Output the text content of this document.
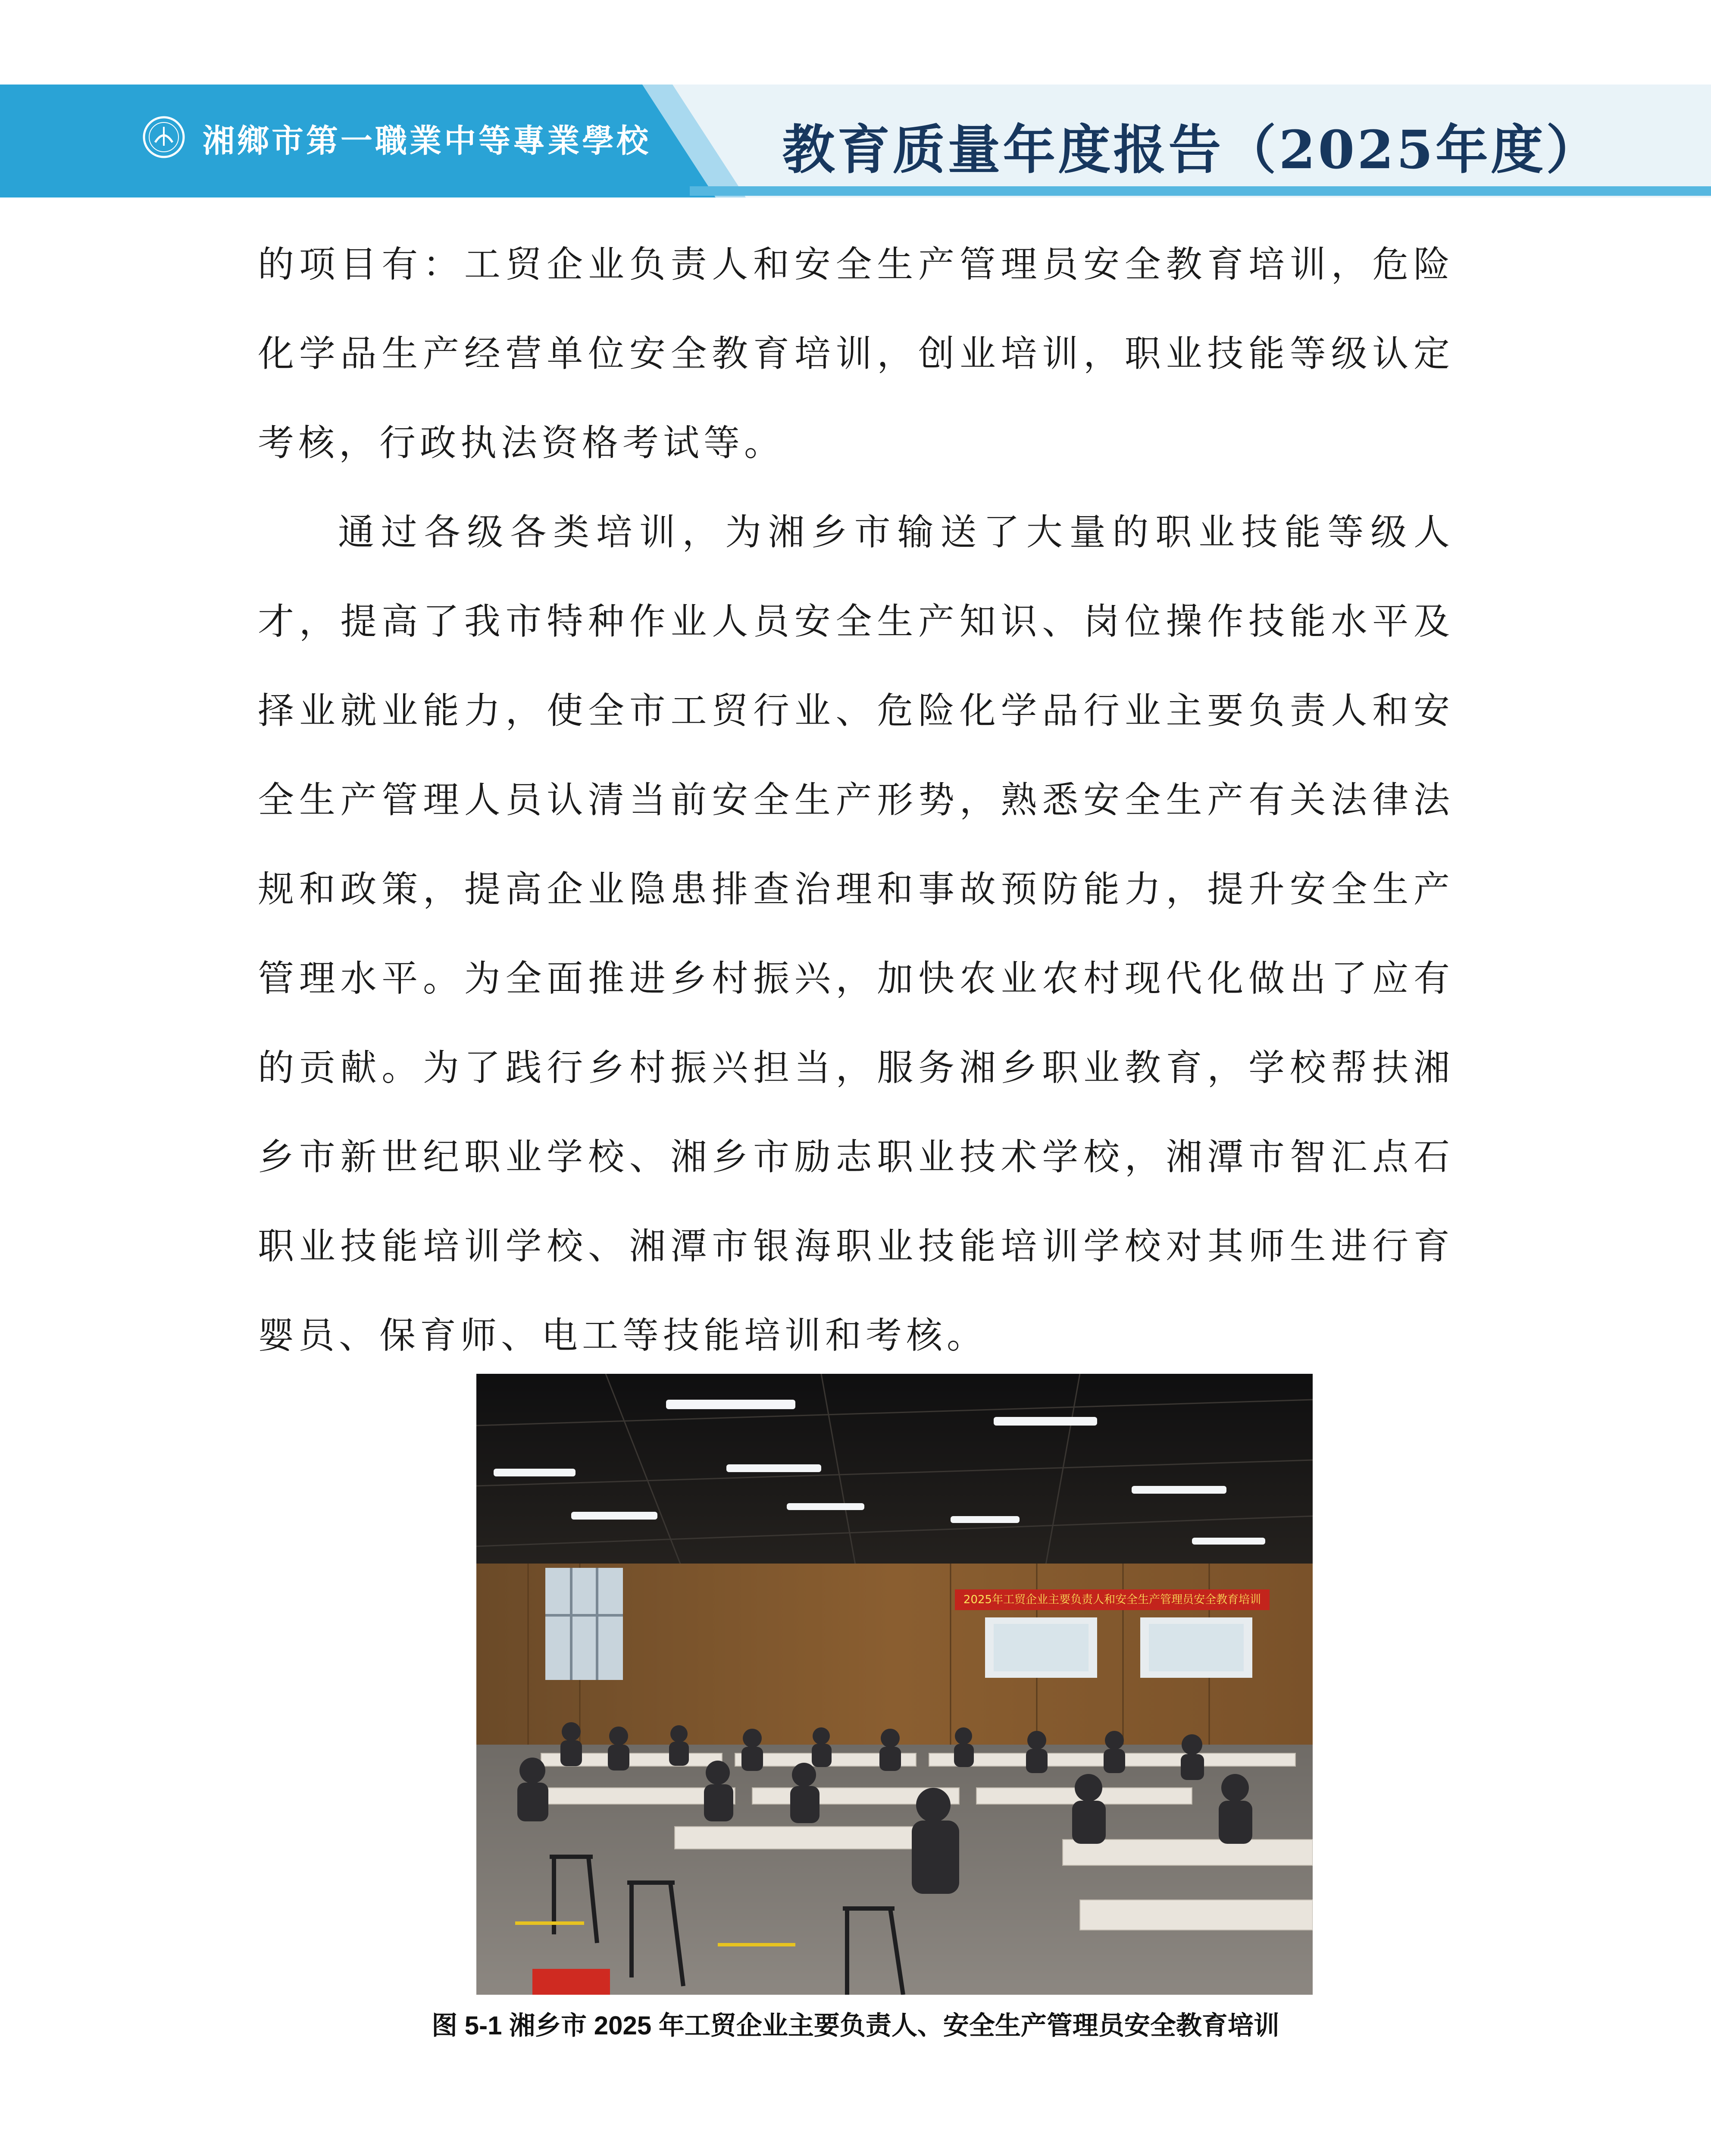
湘鄉市第一職業中等專業學校 教育质量年度报告（2025年度）

的项目有：工贸企业负责人和安全生产管理员安全教育培训，危险化学品生产经营单位安全教育培训，创业培训，职业技能等级认定考核，行政执法资格考试等。

通过各级各类培训，为湘乡市输送了大量的职业技能等级人才，提高了我市特种作业人员安全生产知识、岗位操作技能水平及择业就业能力，使全市工贸行业、危险化学品行业主要负责人和安全生产管理人员认清当前安全生产形势，熟悉安全生产有关法律法规和政策，提高企业隐患排查治理和事故预防能力，提升安全生产管理水平。为全面推进乡村振兴，加快农业农村现代化做出了应有的贡献。为了践行乡村振兴担当，服务湘乡职业教育，学校帮扶湘乡市新世纪职业学校、湘乡市励志职业技术学校，湘潭市智汇点石职业技能培训学校、湘潭市银海职业技能培训学校对其师生进行育婴员、保育师、电工等技能培训和考核。

2025年工贸企业主要负责人和安全生产管理员安全教育培训
图 5-1 湘乡市 2025 年工贸企业主要负责人、安全生产管理员安全教育培训
